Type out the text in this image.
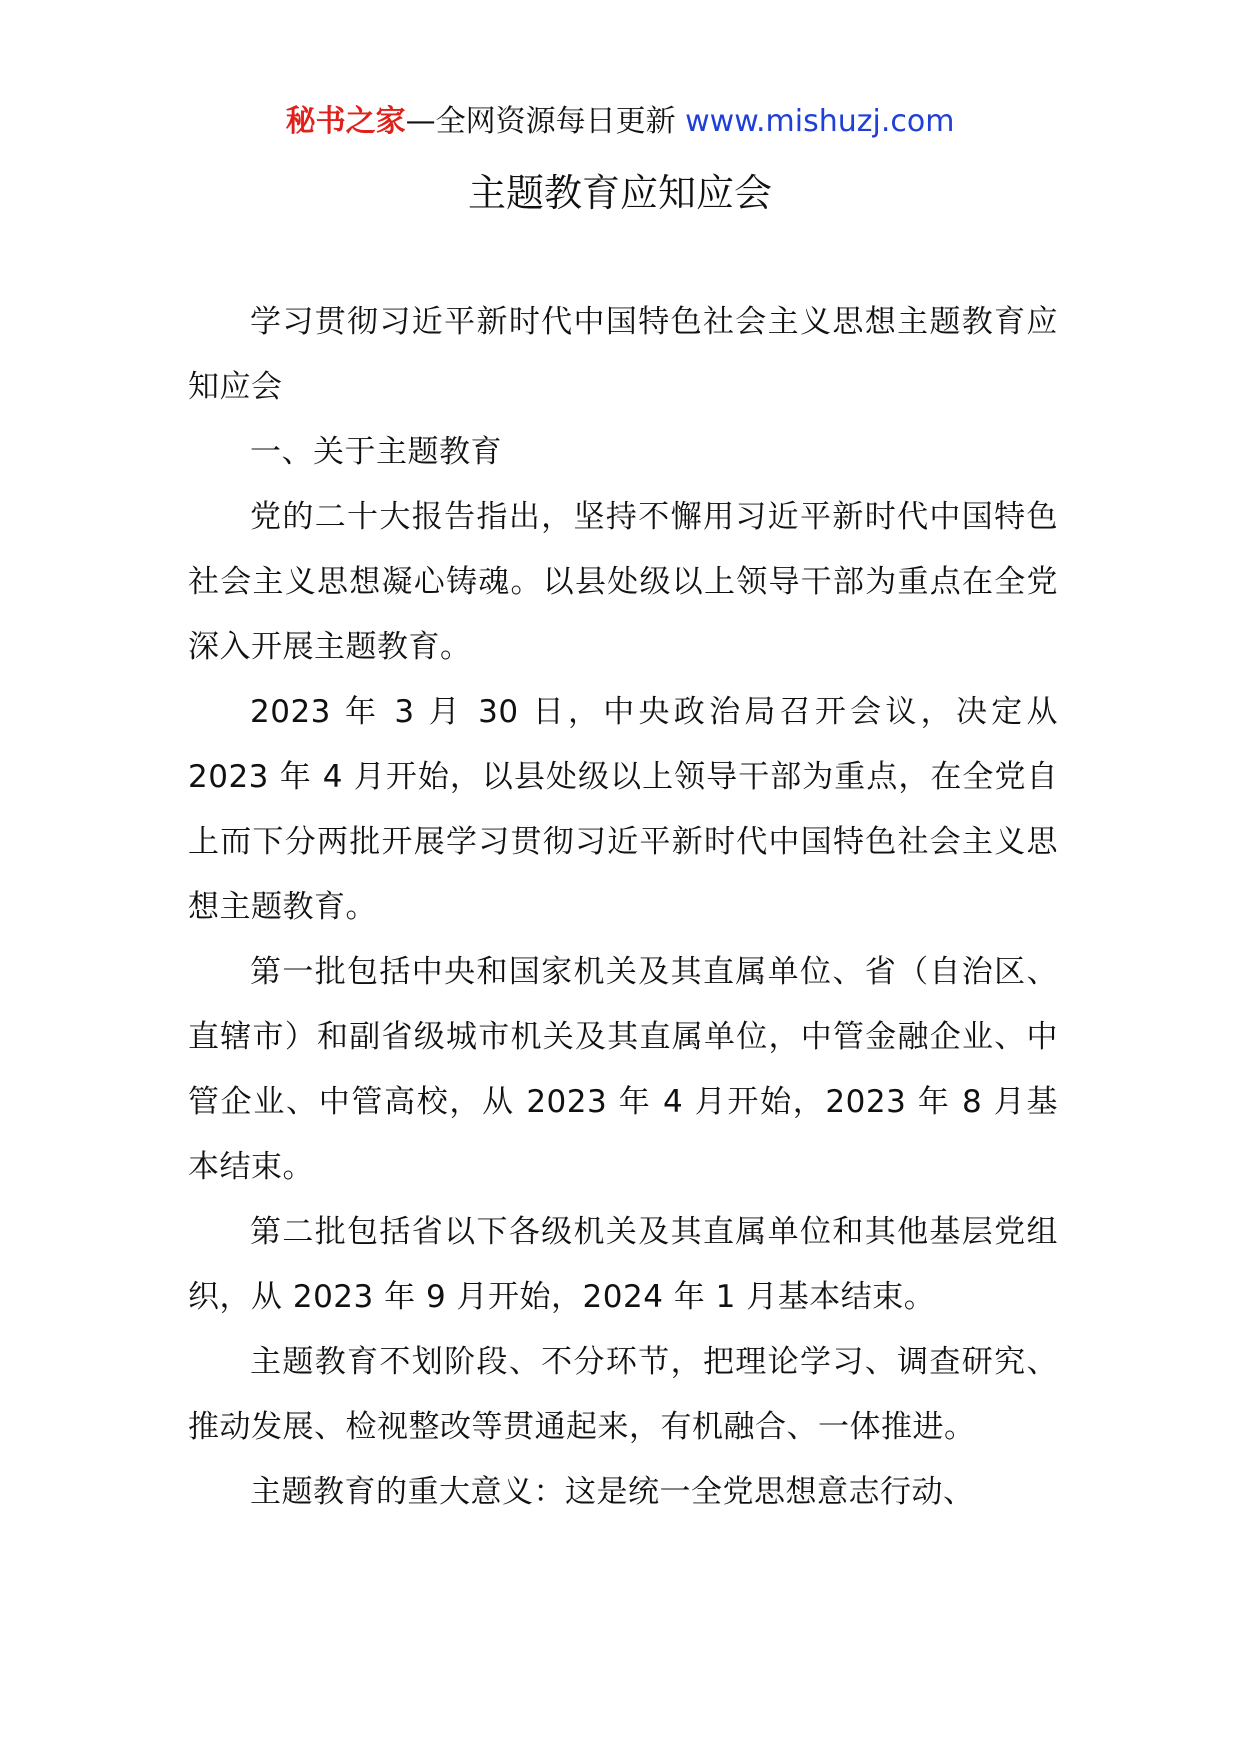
秘书之家—全网资源每日更新 www.mishuzj.com
主题教育应知应会

学习贯彻习近平新时代中国特色社会主义思想主题教育应知应会

一、关于主题教育

党的二十大报告指出，坚持不懈用习近平新时代中国特色社会主义思想凝心铸魂。以县处级以上领导干部为重点在全党深入开展主题教育。

2023 年 3 月 30 日，中央政治局召开会议，决定从 2023 年 4 月开始，以县处级以上领导干部为重点，在全党自上而下分两批开展学习贯彻习近平新时代中国特色社会主义思想主题教育。

第一批包括中央和国家机关及其直属单位、省（自治区、直辖市）和副省级城市机关及其直属单位，中管金融企业、中管企业、中管高校，从 2023 年 4 月开始，2023 年 8 月基本结束。

第二批包括省以下各级机关及其直属单位和其他基层党组织，从 2023 年 9 月开始，2024 年 1 月基本结束。

主题教育不划阶段、不分环节，把理论学习、调查研究、推动发展、检视整改等贯通起来，有机融合、一体推进。

主题教育的重大意义：这是统一全党思想意志行动、
